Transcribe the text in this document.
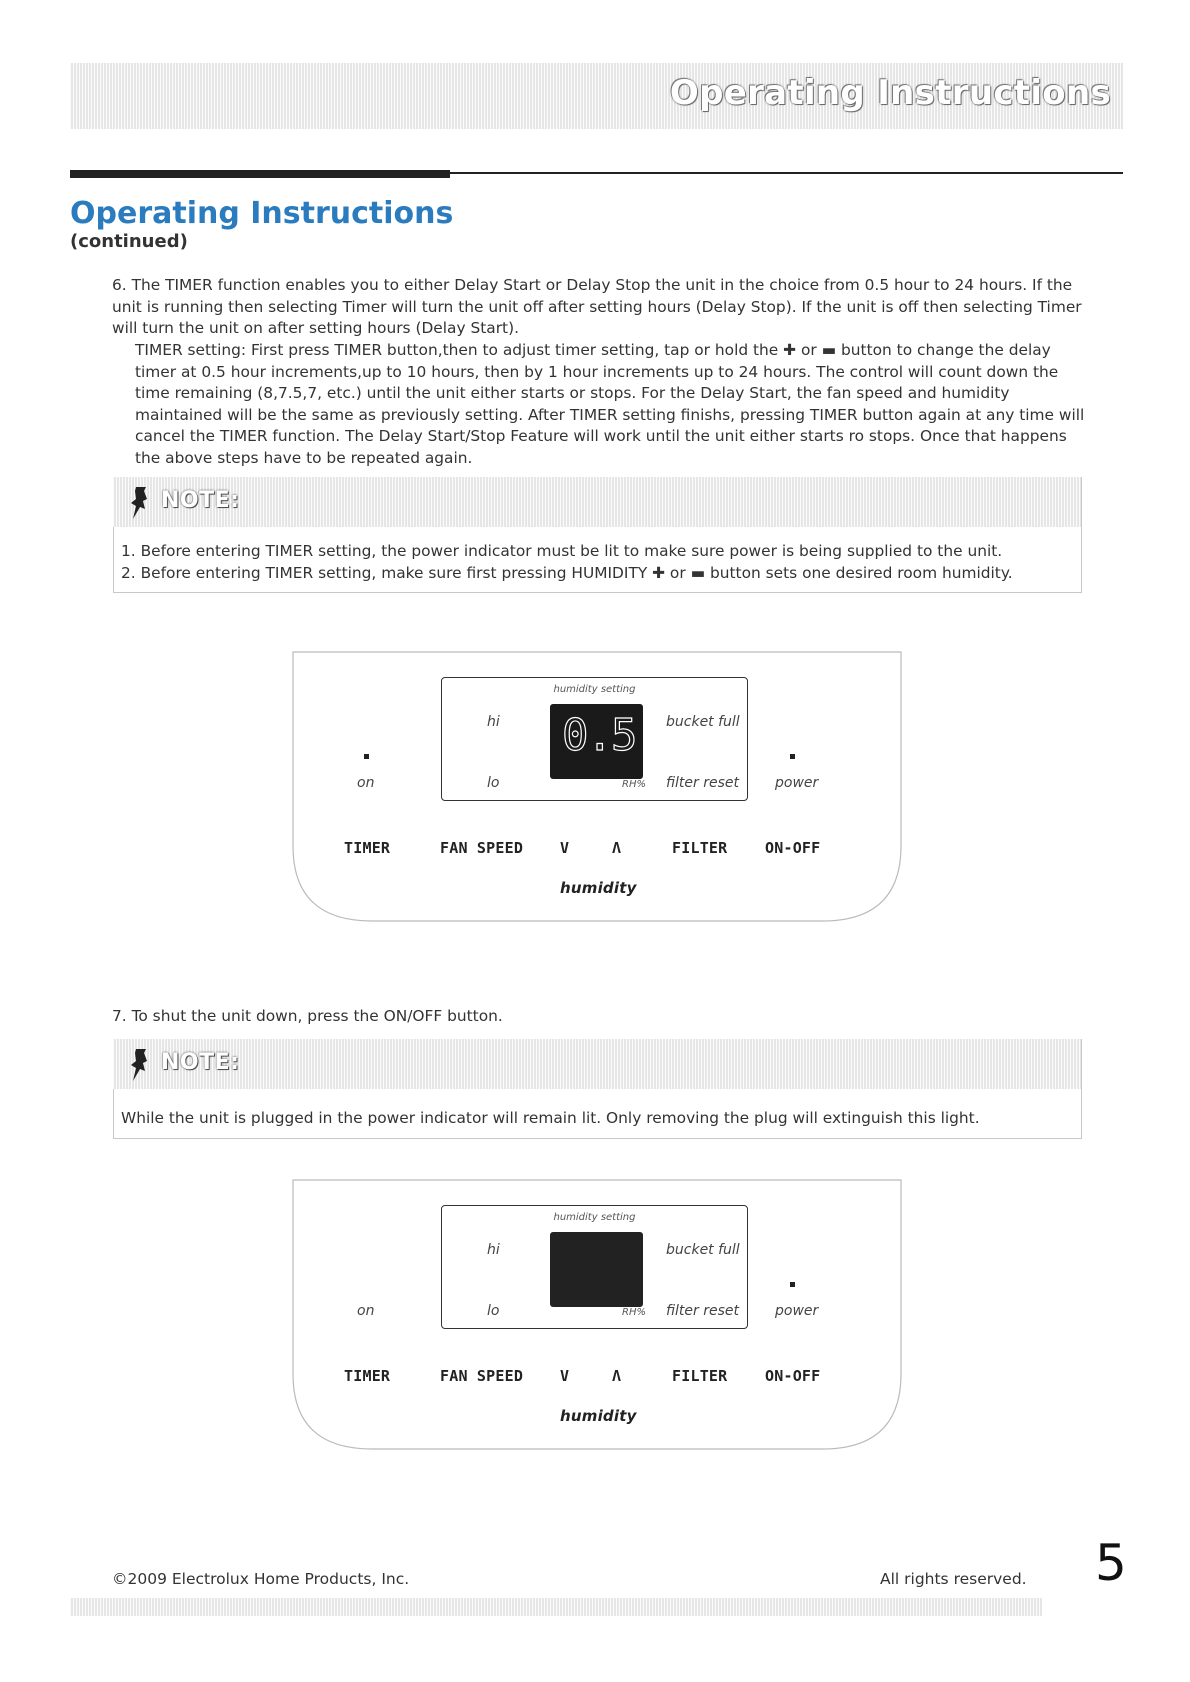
Operating Instructions
Operating Instructions
(continued)
6. The TIMER function enables you to either Delay Start or Delay Stop the unit in the choice from 0.5 hour to 24 hours. If the unit is running then selecting Timer will turn the unit off after setting hours (Delay Stop). If the unit is off then selecting Timer will turn the unit on after setting hours (Delay Start).
TIMER setting: First press TIMER button,then to adjust timer setting, tap or hold the ✚ or ▬ button to change the delay timer at 0.5 hour increments,up to 10 hours, then by 1 hour increments up to 24 hours. The control will count down the time remaining (8,7.5,7, etc.) until the unit either starts or stops. For the Delay Start, the fan speed and humidity maintained will be the same as previously setting. After TIMER setting finishs, pressing TIMER button again at any time will cancel the TIMER function. The Delay Start/Stop Feature will work until the unit either starts ro stops. Once that happens the above steps have to be repeated again.
NOTE:
1. Before entering TIMER setting, the power indicator must be lit to make sure power is being supplied to the unit.
2. Before entering TIMER setting, make sure first pressing HUMIDITY ✚ or ▬ button sets one desired room humidity.
humidity setting
hi
lo
0.5
RH%
bucket full
filter reset
on	power
TIMER	FAN SPEED V	Λ	FILTER	ON-OFF
humidity
7. To shut the unit down, press the ON/OFF button.
NOTE:
While the unit is plugged in the power indicator will remain lit. Only removing the plug will extinguish this light.
humidity setting
hi
lo	RH%
bucket full
filter reset
on	power
TIMER	FAN SPEED V	Λ	FILTER	ON-OFF
humidity
©2009 Electrolux Home Products, Inc.	All rights reserved. 5
